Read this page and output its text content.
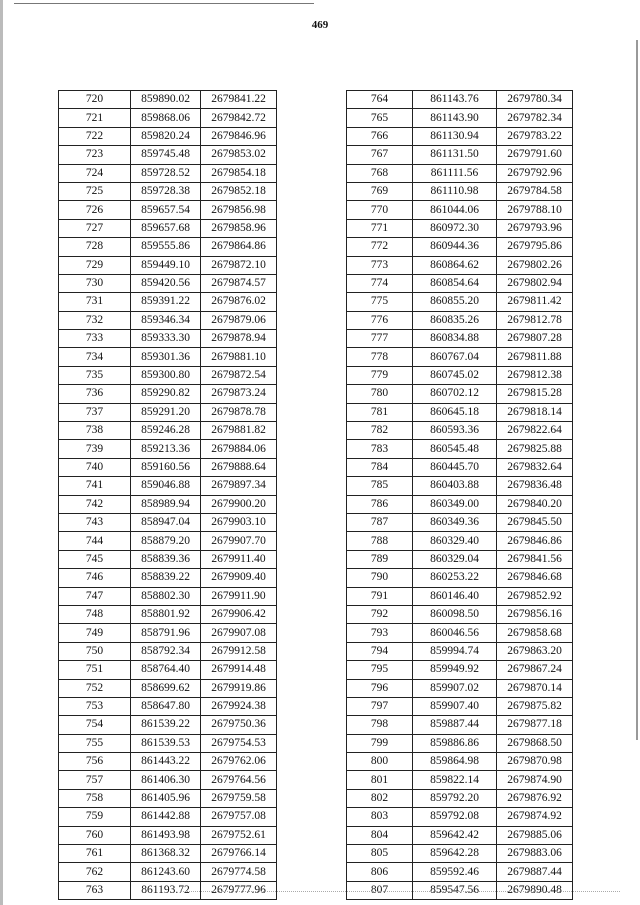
469
720	859890.02	2679841.22
721	859868.06	2679842.72
722	859820.24	2679846.96
723	859745.48	2679853.02
724	859728.52	2679854.18
725	859728.38	2679852.18
726	859657.54	2679856.98
727	859657.68	2679858.96
728	859555.86	2679864.86
729	859449.10	2679872.10
730	859420.56	2679874.57
731	859391.22	2679876.02
732	859346.34	2679879.06
733	859333.30	2679878.94
734	859301.36	2679881.10
735	859300.80	2679872.54
736	859290.82	2679873.24
737	859291.20	2679878.78
738	859246.28	2679881.82
739	859213.36	2679884.06
740	859160.56	2679888.64
741	859046.88	2679897.34
742	858989.94	2679900.20
743	858947.04	2679903.10
744	858879.20	2679907.70
745	858839.36	2679911.40
746	858839.22	2679909.40
747	858802.30	2679911.90
748	858801.92	2679906.42
749	858791.96	2679907.08
750	858792.34	2679912.58
751	858764.40	2679914.48
752	858699.62	2679919.86
753	858647.80	2679924.38
754	861539.22	2679750.36
755	861539.53	2679754.53
756	861443.22	2679762.06
757	861406.30	2679764.56
758	861405.96	2679759.58
759	861442.88	2679757.08
760	861493.98	2679752.61
761	861368.32	2679766.14
762	861243.60	2679774.58
763	861193.72	2679777.96
764	861143.76	2679780.34
765	861143.90	2679782.34
766	861130.94	2679783.22
767	861131.50	2679791.60
768	861111.56	2679792.96
769	861110.98	2679784.58
770	861044.06	2679788.10
771	860972.30	2679793.96
772	860944.36	2679795.86
773	860864.62	2679802.26
774	860854.64	2679802.94
775	860855.20	2679811.42
776	860835.26	2679812.78
777	860834.88	2679807.28
778	860767.04	2679811.88
779	860745.02	2679812.38
780	860702.12	2679815.28
781	860645.18	2679818.14
782	860593.36	2679822.64
783	860545.48	2679825.88
784	860445.70	2679832.64
785	860403.88	2679836.48
786	860349.00	2679840.20
787	860349.36	2679845.50
788	860329.40	2679846.86
789	860329.04	2679841.56
790	860253.22	2679846.68
791	860146.40	2679852.92
792	860098.50	2679856.16
793	860046.56	2679858.68
794	859994.74	2679863.20
795	859949.92	2679867.24
796	859907.02	2679870.14
797	859907.40	2679875.82
798	859887.44	2679877.18
799	859886.86	2679868.50
800	859864.98	2679870.98
801	859822.14	2679874.90
802	859792.20	2679876.92
803	859792.08	2679874.92
804	859642.42	2679885.06
805	859642.28	2679883.06
806	859592.46	2679887.44
807	859547.56	2679890.48
